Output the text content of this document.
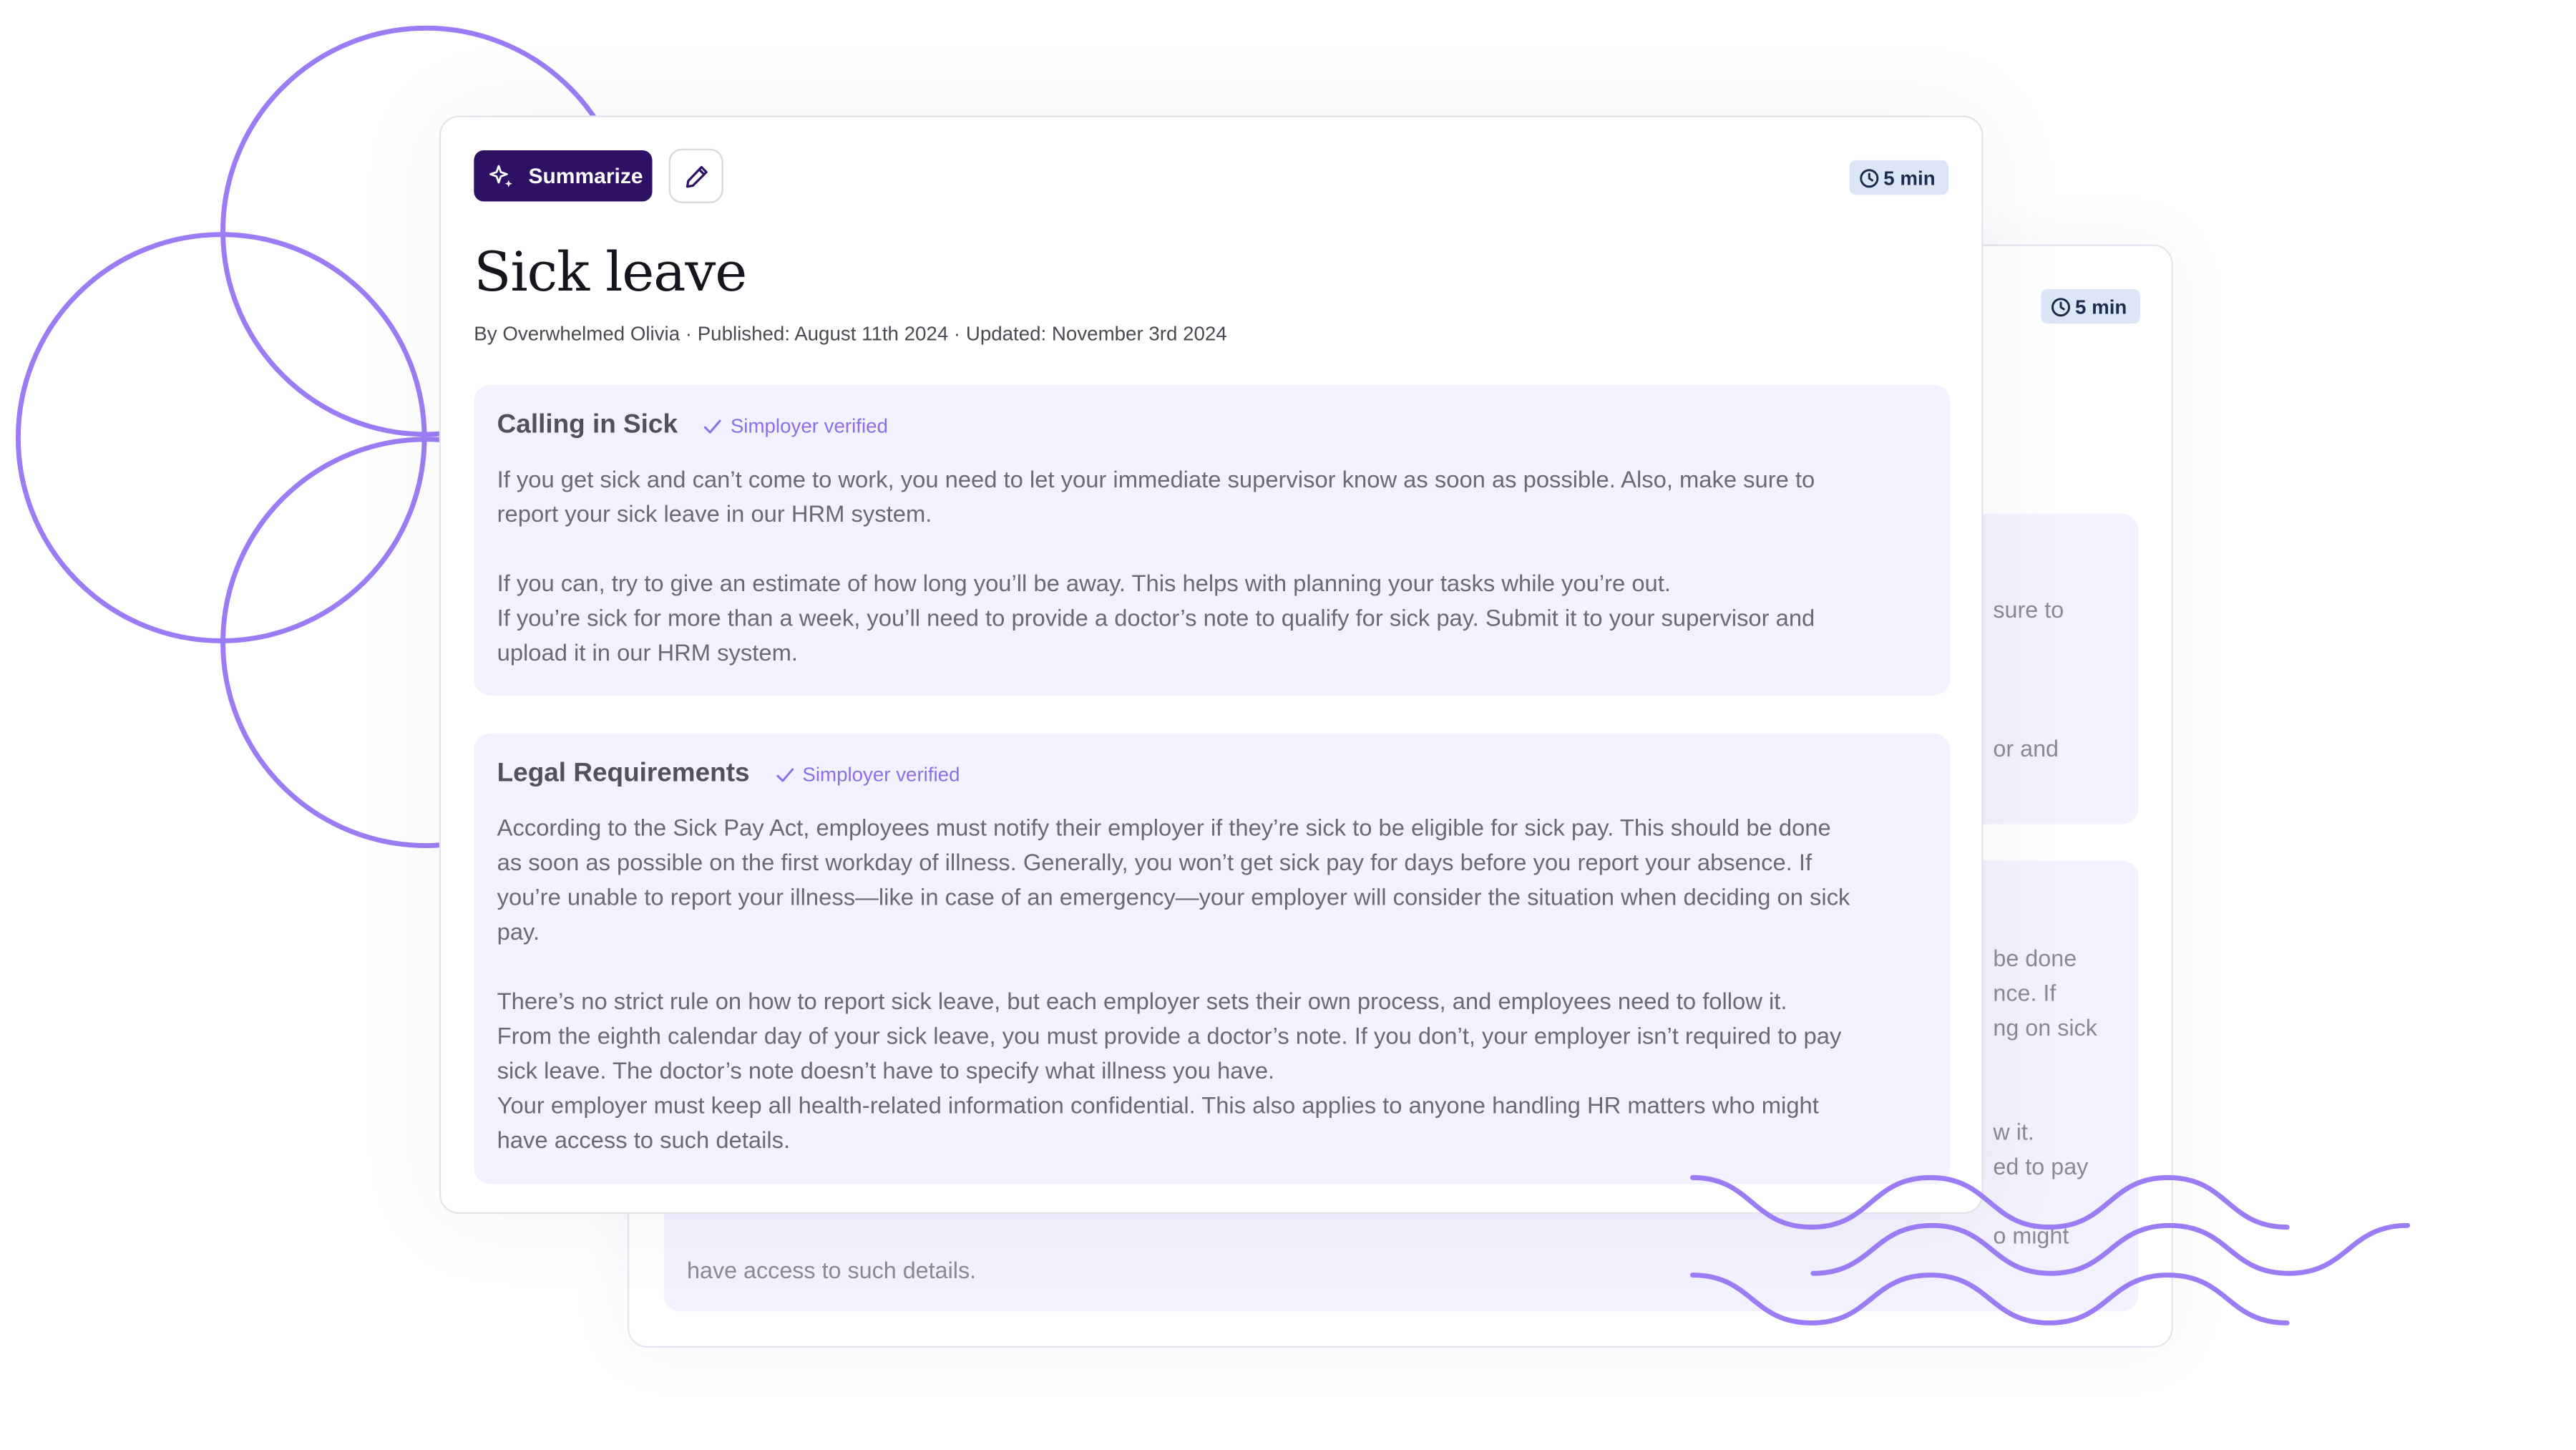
5 min
sure to
or and
be done
nce. If
ng on sick
w it.
ed to pay
o might
have access to such details.
Summarize	5 min
Sick leave
By Overwhelmed Olivia · Published: August 11th 2024 · Updated: November 3rd 2024
Calling in Sick	Simployer verified
If you get sick and can’t come to work, you need to let your immediate supervisor know as soon as possible. Also, make sure to
report your sick leave in our HRM system.
If you can, try to give an estimate of how long you’ll be away. This helps with planning your tasks while you’re out.
If you’re sick for more than a week, you’ll need to provide a doctor’s note to qualify for sick pay. Submit it to your supervisor and
upload it in our HRM system.
Legal Requirements	Simployer verified
According to the Sick Pay Act, employees must notify their employer if they’re sick to be eligible for sick pay. This should be done
as soon as possible on the first workday of illness. Generally, you won’t get sick pay for days before you report your absence. If
you’re unable to report your illness—like in case of an emergency—your employer will consider the situation when deciding on sick
pay.
There’s no strict rule on how to report sick leave, but each employer sets their own process, and employees need to follow it.
From the eighth calendar day of your sick leave, you must provide a doctor’s note. If you don’t, your employer isn’t required to pay
sick leave. The doctor’s note doesn’t have to specify what illness you have.
Your employer must keep all health-related information confidential. This also applies to anyone handling HR matters who might
have access to such details.
